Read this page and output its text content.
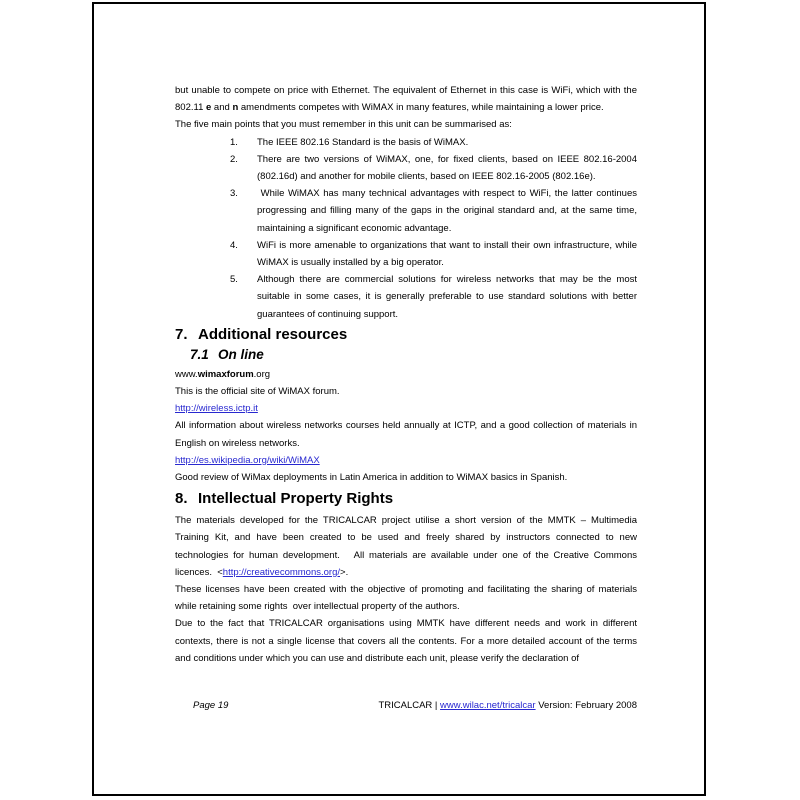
but unable to compete on price with Ethernet. The equivalent of Ethernet in this case is WiFi, which with the 802.11 e and n amendments competes with WiMAX in many features, while maintaining a lower price.

The five main points that you must remember in this unit can be summarised as:

1.	The IEEE 802.16 Standard is the basis of WiMAX.
2.	There are two versions of WiMAX, one, for fixed clients, based on IEEE 802.16-2004 (802.16d) and another for mobile clients, based on IEEE 802.16-2005 (802.16e).
3.	While WiMAX has many technical advantages with respect to WiFi, the latter continues progressing and filling many of the gaps in the original standard and, at the same time, maintaining a significant economic advantage.
4.	WiFi is more amenable to organizations that want to install their own infrastructure, while WiMAX is usually installed by a big operator.
5.	Although there are commercial solutions for wireless networks that may be the most suitable in some cases, it is generally preferable to use standard solutions with better guarantees of continuing support.
7. Additional resources
7.1 On line

www.wimaxforum.org

This is the official site of WiMAX forum.

http://wireless.ictp.it

All information about wireless networks courses held annually at ICTP, and a good collection of materials in English on wireless networks.

http://es.wikipedia.org/wiki/WiMAX

Good review of WiMax deployments in Latin America in addition to WiMAX basics in Spanish.

8. Intellectual Property Rights

The materials developed for the TRICALCAR project utilise a short version of the MMTK – Multimedia Training Kit, and have been created to be used and freely shared by instructors connected to new technologies for human development.   All materials are available under one of the Creative Commons licences.  <http://creativecommons.org/>.

These licenses have been created with the objective of promoting and facilitating the sharing of materials while retaining some rights  over intellectual property of the authors.

Due to the fact that TRICALCAR organisations using MMTK have different needs and work in different contexts, there is not a single license that covers all the contents. For a more detailed account of the terms and conditions under which you can use and distribute each unit, please verify the declaration of

Page 19	TRICALCAR | www.wilac.net/tricalcar Version: February 2008
